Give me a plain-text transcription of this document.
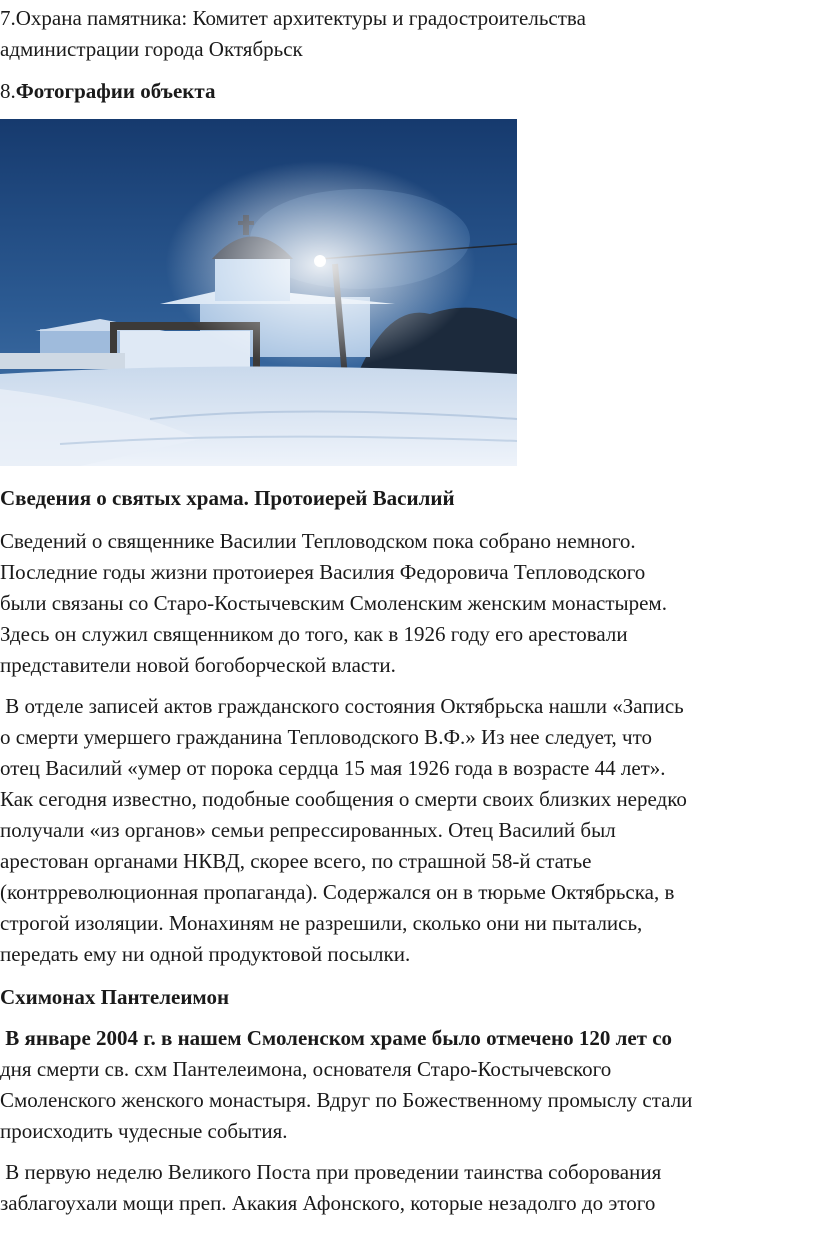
7.Охрана памятника: Комитет архитектуры и градостроительства

администрации города Октябрьск

8.Фотографии объекта

Сведения о святых храма. Протоиерей Василий

Сведений о священнике Василии Тепловодском пока собрано немного.

Последние годы жизни протоиерея Василия Федоровича Тепловодского

были связаны со Старо-Костычевским Смоленским женским монастырем.

Здесь он служил священником до того, как в 1926 году его арестовали

представители новой богоборческой власти.

В отделе записей актов гражданского состояния Октябрьска нашли «Запись

о смерти умершего гражданина Тепловодского В.Ф.» Из нее следует, что

отец Василий «умер от порока сердца 15 мая 1926 года в возрасте 44 лет».

Как сегодня известно, подобные сообщения о смерти своих близких нередко

получали «из органов» семьи репрессированных. Отец Василий был

арестован органами НКВД, скорее всего, по страшной 58-й статье

(контрреволюционная пропаганда). Содержался он в тюрьме Октябрьска, в

строгой изоляции. Монахиням не разрешили, сколько они ни пытались,

передать ему ни одной продуктовой посылки.

Схимонах Пантелеимон

В январе 2004 г. в нашем Смоленском храме было отмечено 120 лет со

дня смерти св. схм Пантелеимона, основателя Старо-Костычевского

Смоленского женского монастыря. Вдруг по Божественному промыслу стали

происходить чудесные события.

В первую неделю Великого Поста при проведении таинства соборования

заблагоухали мощи преп. Акакия Афонского, которые незадолго до этого
